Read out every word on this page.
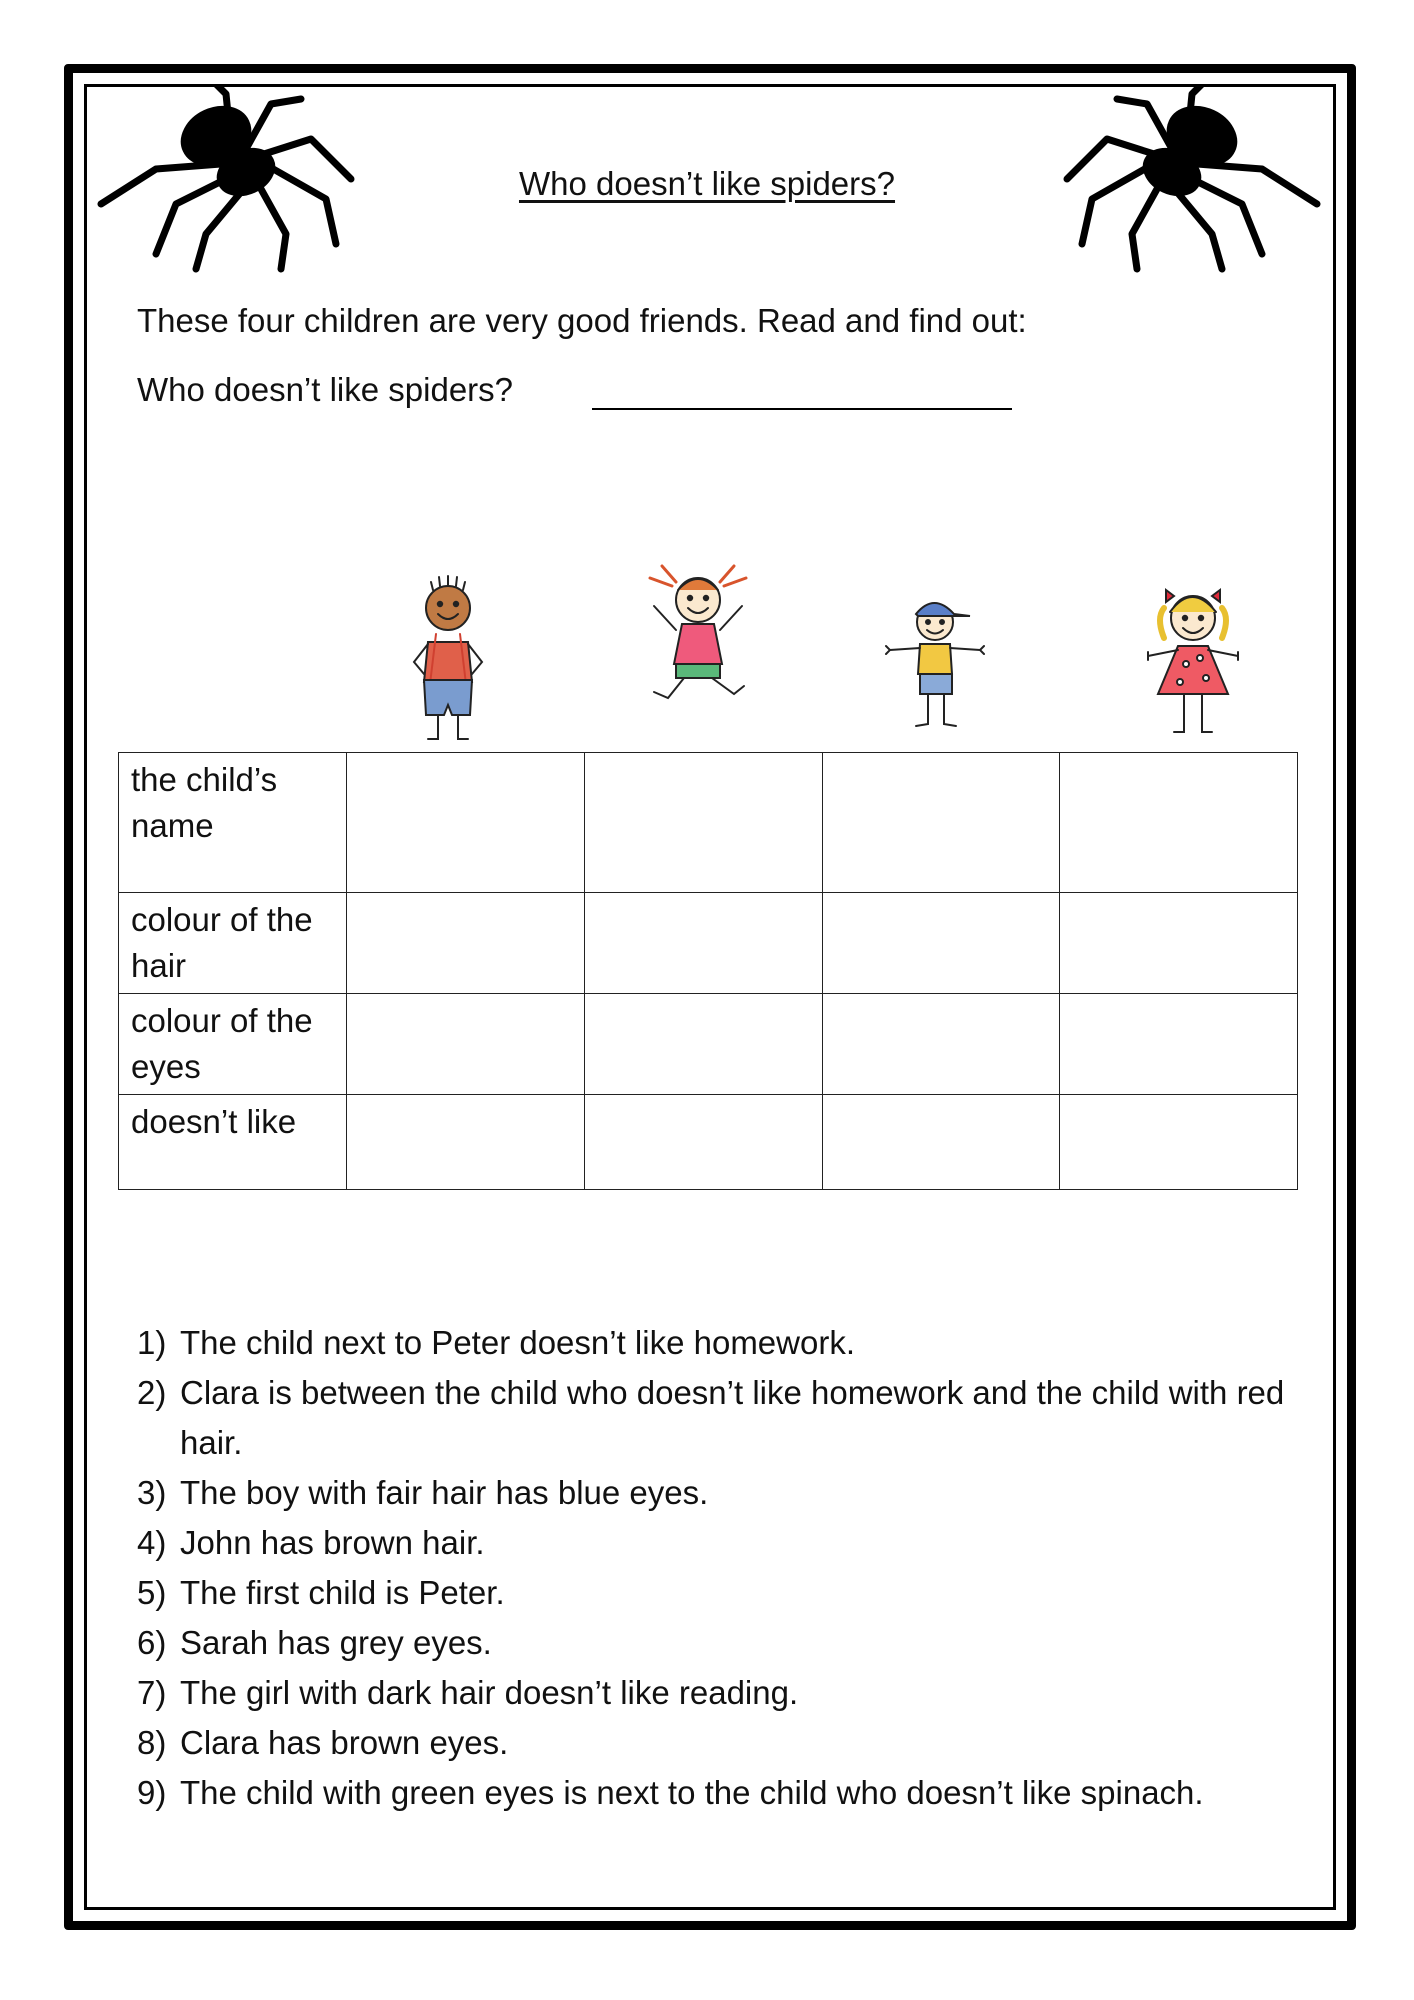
Who doesn’t like spiders?
These four children are very good friends. Read and find out:
Who doesn’t like spiders?
the child’s name				
colour of the hair				
colour of the eyes				
doesn’t like				
1) The child next to Peter doesn’t like homework.
2) Clara is between the child who doesn’t like homework and the child with red hair.
3) The boy with fair hair has blue eyes.
4) John has brown hair.
5) The first child is Peter.
6) Sarah has grey eyes.
7) The girl with dark hair doesn’t like reading.
8) Clara has brown eyes.
9) The child with green eyes is next to the child who doesn’t like spinach.
